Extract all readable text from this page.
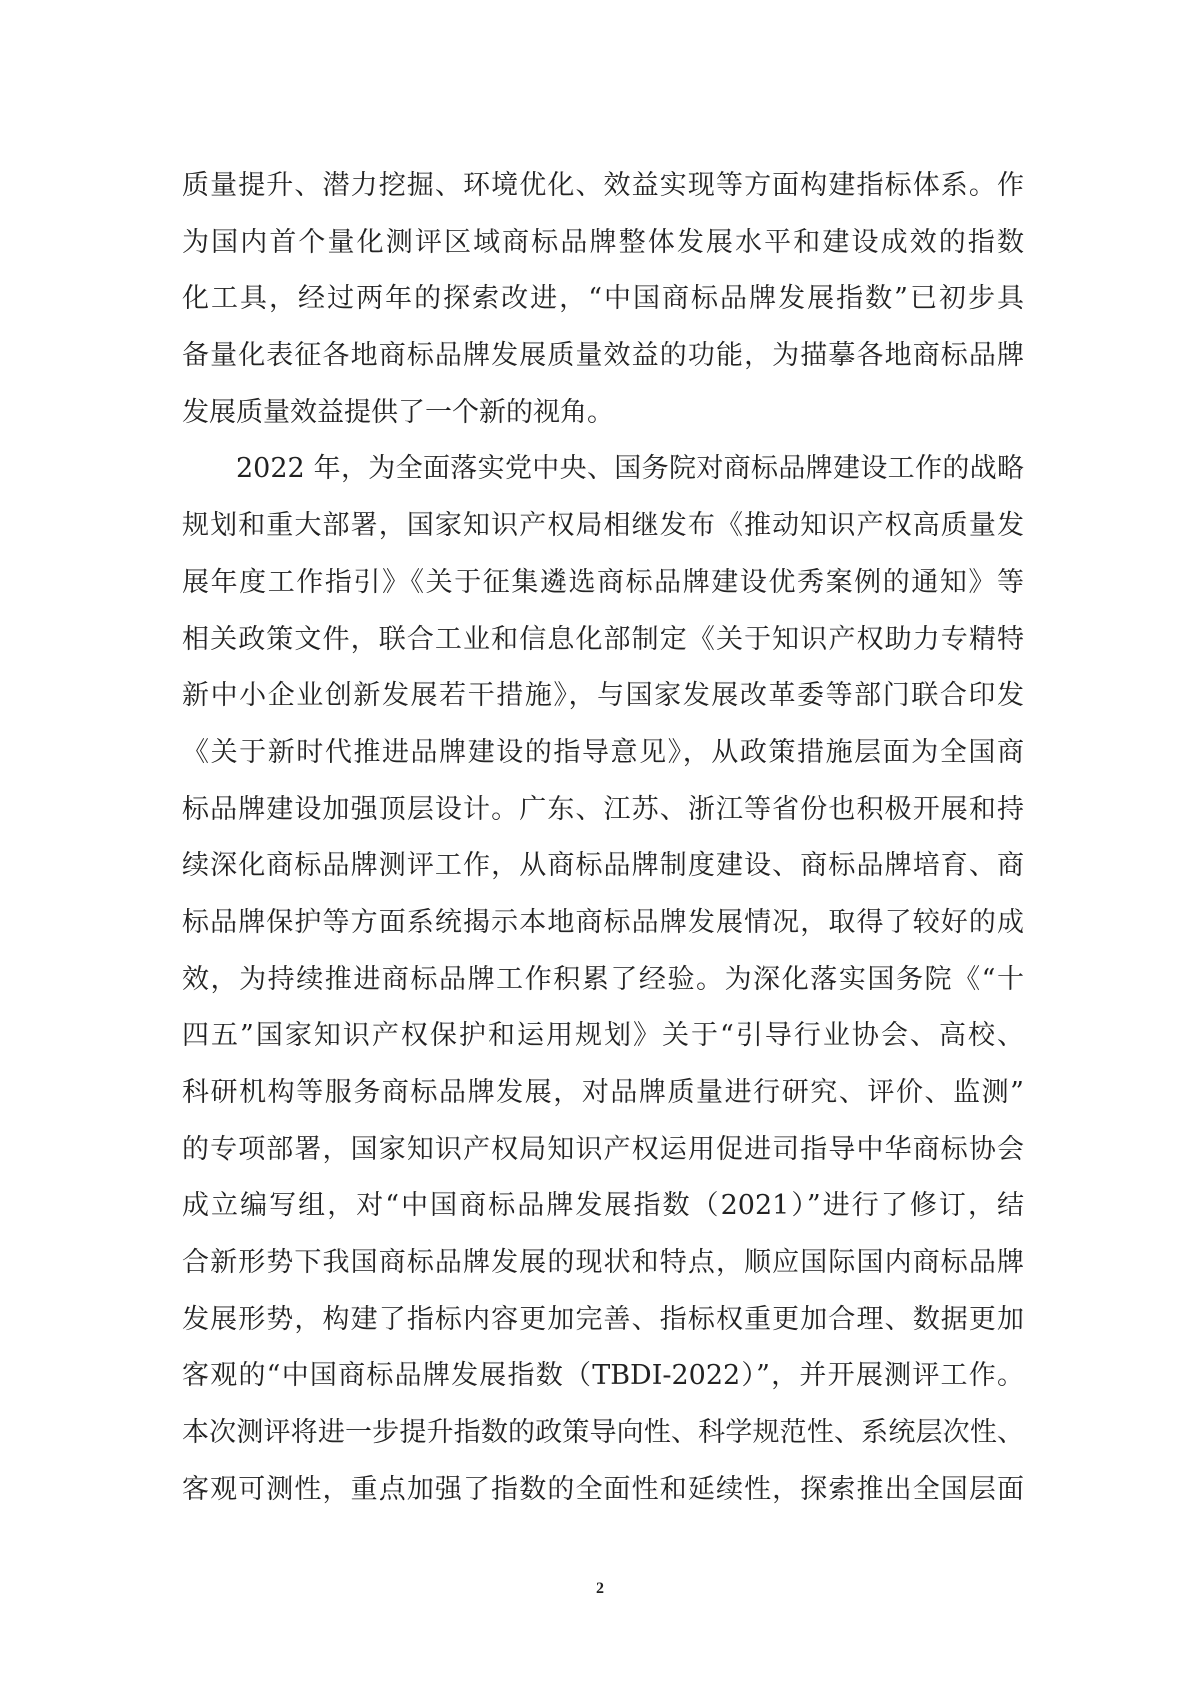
质量提升、潜力挖掘、环境优化、效益实现等方面构建指标体系。作
为国内首个量化测评区域商标品牌整体发展水平和建设成效的指数
化工具，经过两年的探索改进，“中国商标品牌发展指数”已初步具
备量化表征各地商标品牌发展质量效益的功能，为描摹各地商标品牌
发展质量效益提供了一个新的视角。
2022 年，为全面落实党中央、国务院对商标品牌建设工作的战略
规划和重大部署，国家知识产权局相继发布《推动知识产权高质量发
展年度工作指引》《关于征集遴选商标品牌建设优秀案例的通知》等
相关政策文件，联合工业和信息化部制定《关于知识产权助力专精特
新中小企业创新发展若干措施》，与国家发展改革委等部门联合印发
《关于新时代推进品牌建设的指导意见》，从政策措施层面为全国商
标品牌建设加强顶层设计。广东、江苏、浙江等省份也积极开展和持
续深化商标品牌测评工作，从商标品牌制度建设、商标品牌培育、商
标品牌保护等方面系统揭示本地商标品牌发展情况，取得了较好的成
效，为持续推进商标品牌工作积累了经验。为深化落实国务院《“十
四五”国家知识产权保护和运用规划》关于“引导行业协会、高校、
科研机构等服务商标品牌发展，对品牌质量进行研究、评价、监测”
的专项部署，国家知识产权局知识产权运用促进司指导中华商标协会
成立编写组，对“中国商标品牌发展指数（2021）”进行了修订，结
合新形势下我国商标品牌发展的现状和特点，顺应国际国内商标品牌
发展形势，构建了指标内容更加完善、指标权重更加合理、数据更加
客观的“中国商标品牌发展指数（TBDI-2022）”，并开展测评工作。
本次测评将进一步提升指数的政策导向性、科学规范性、系统层次性、
客观可测性，重点加强了指数的全面性和延续性，探索推出全国层面
2
